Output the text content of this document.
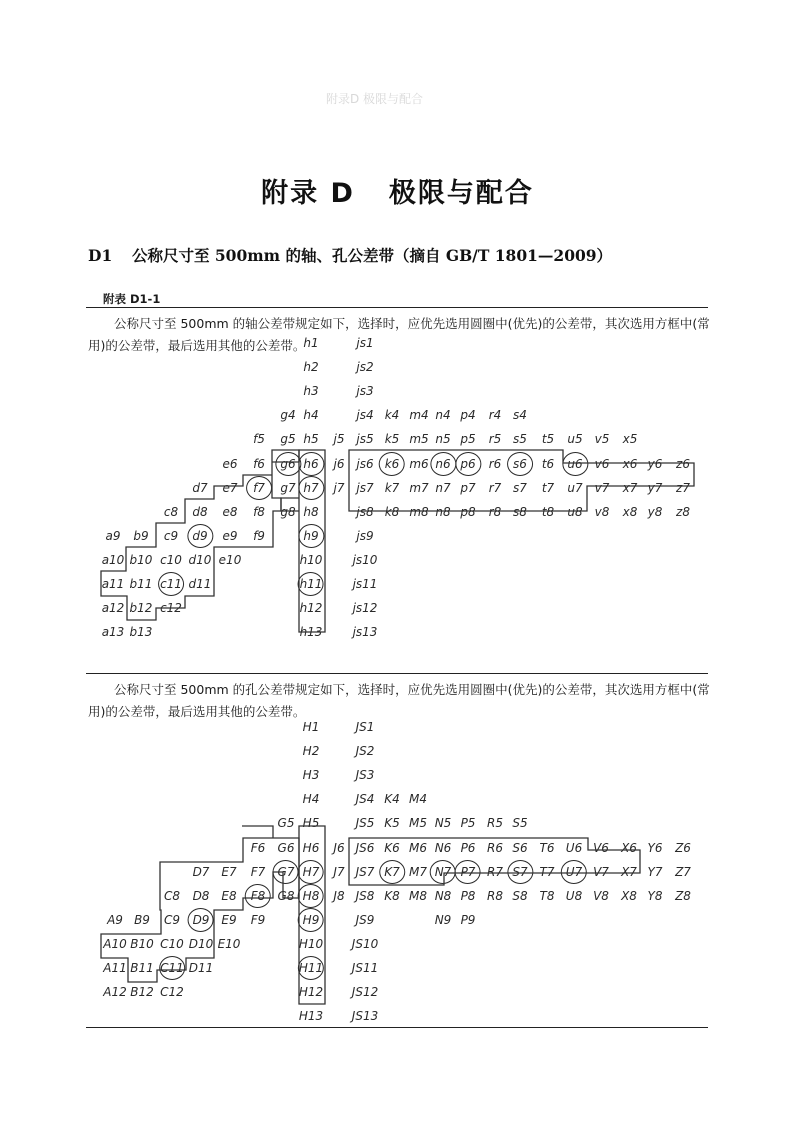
附录D 极限与配合
附录 D 极限与配合
D1 公称尺寸至 500mm 的轴、孔公差带（摘自 GB/T 1801—2009）
附表 D1-1
公称尺寸至 500mm 的轴公差带规定如下，选择时，应优先选用圆圈中(优先)的公差带，其次选用方框中(常用)的公差带，最后选用其他的公差带。
h1	js1
h2	js2
h3	js3
g4 h4	js4 k4 m4 n4 p4 r4 s4
f5 g5 h5 j5 js5 k5 m5 n5 p5 r5 s5 t5 u5 v5 x5
e6 f6 g6 h6 j6 js6 k6 m6 n6 p6 r6 s6 t6 u6 v6 x6 y6 z6
d7 e7 f7 g7 h7 j7 js7 k7 m7 n7 p7 r7 s7 t7 u7 v7 x7 y7 z7
c8 d8 e8 f8 g8 h8	js8 k8 m8 n8 p8 r8 s8 t8 u8 v8 x8 y8 z8
a9 b9 c9 d9 e9 f9	h9	js9
a10 b10 c10 d10 e10	h10	js10
a11 b11 c11 d11	h11	js11
a12 b12 c12	h12	js12
a13 b13	h13	js13
公称尺寸至 500mm 的孔公差带规定如下，选择时，应优先选用圆圈中(优先)的公差带，其次选用方框中(常用)的公差带，最后选用其他的公差带。
H1	JS1
H2	JS2
H3	JS3
H4	JS4 K4 M4
G5 H5	JS5 K5 M5 N5 P5 R5 S5
F6 G6 H6 J6 JS6 K6 M6 N6 P6 R6 S6 T6 U6 V6 X6 Y6 Z6
D7 E7 F7 G7 H7 J7 JS7 K7 M7 N7 P7 R7 S7 T7 U7 V7 X7 Y7 Z7
C8 D8 E8 F8 G8 H8 J8 JS8 K8 M8 N8 P8 R8 S8 T8 U8 V8 X8 Y8 Z8
A9 B9 C9 D9 E9 F9	H9	JS9	N9 P9
A10 B10 C10 D10 E10	H10 JS10
A11 B11 C11 D11	H11 JS11
A12 B12 C12	H12 JS12
H13 JS13
